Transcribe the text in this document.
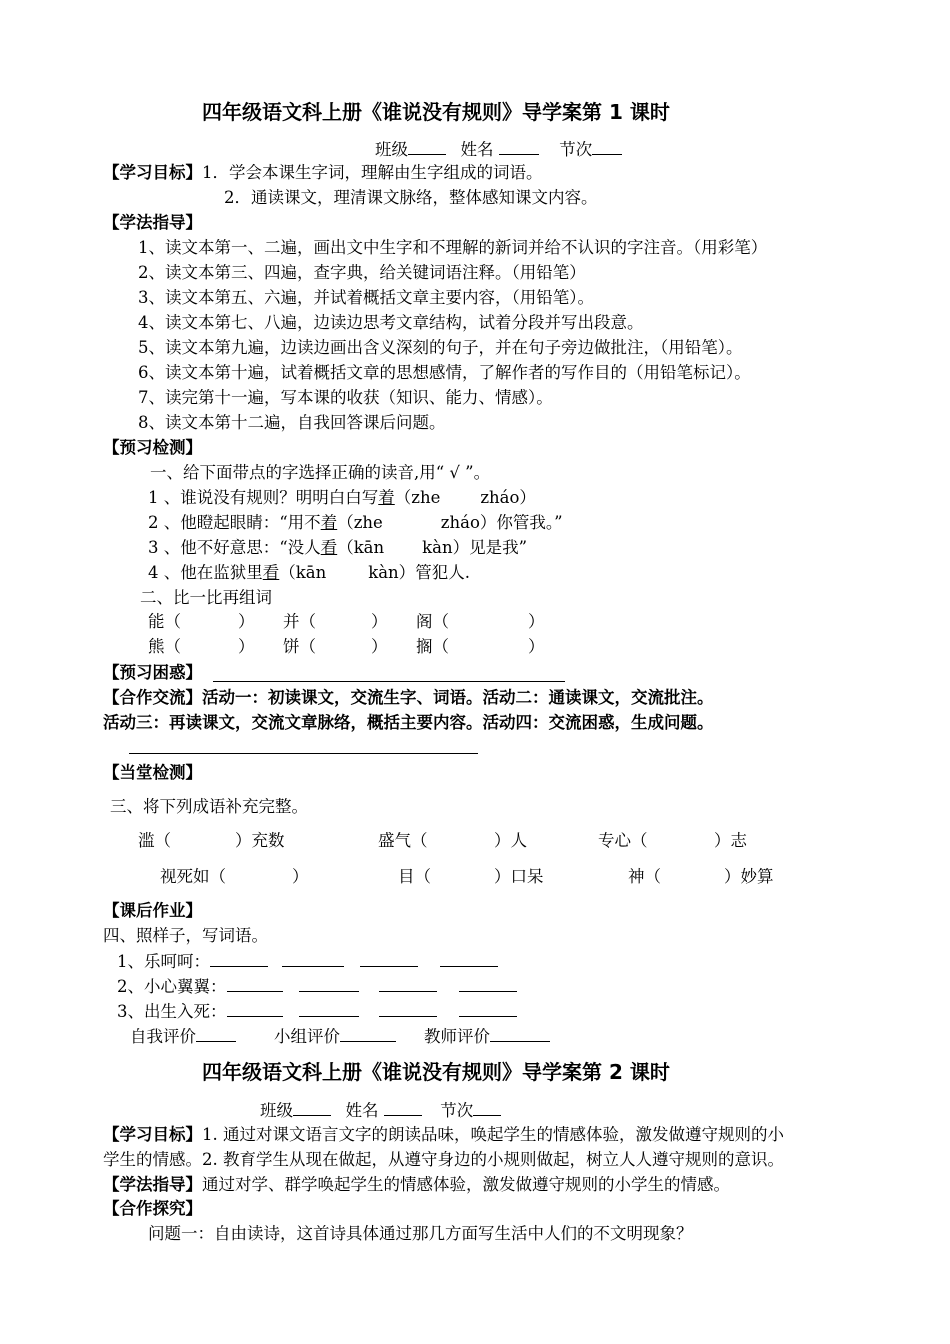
四年级语文科上册《谁说没有规则》导学案第 1 课时
班级	姓名	节次
【学习目标】1．学会本课生字词，理解由生字组成的词语。
2．通读课文，理清课文脉络，整体感知课文内容。
【学法指导】
1、读文本第一、二遍，画出文中生字和不理解的新词并给不认识的字注音。（用彩笔）
2、读文本第三、四遍，查字典，给关键词语注释。（用铅笔）
3、读文本第五、六遍，并试着概括文章主要内容，（用铅笔）。
4、读文本第七、八遍，边读边思考文章结构，试着分段并写出段意。
5、读文本第九遍，边读边画出含义深刻的句子，并在句子旁边做批注，（用铅笔）。
6、读文本第十遍，试着概括文章的思想感情，了解作者的写作目的（用铅笔标记）。
7、读完第十一遍，写本课的收获（知识、能力、情感）。
8、读文本第十二遍，自我回答课后问题。
【预习检测】
一、给下面带点的字选择正确的读音,用“ √ ”。
1 、谁说没有规则？明明白白写着（zhe zháo）
2 、他瞪起眼睛：“用不着（zhe	zháo）你管我。”
3 、他不好意思：“没人看（kān kàn）见是我”
4 、他在监狱里看（kān	kàn）管犯人.
二、比一比再组词
能（	） 并（	） 阁（	）
熊（	） 饼（	） 搁（	）
【预习困惑】
【合作交流】活动一：初读课文，交流生字、词语。活动二：通读课文，交流批注。
活动三：再读课文，交流文章脉络，概括主要内容。活动四：交流困惑，生成问题。
【当堂检测】
三、将下列成语补充完整。
滥（	）充数	盛气（	）人	专心（	）志
视死如（	）	目（	）口呆	神（	）妙算
【课后作业】
四、照样子，写词语。
1、乐呵呵：
2、小心翼翼：
3、出生入死：
自我评价	小组评价	教师评价
四年级语文科上册《谁说没有规则》导学案第 2 课时
班级	姓名	节次
【学习目标】1. 通过对课文语言文字的朗读品味，唤起学生的情感体验，激发做遵守规则的小
学生的情感。2. 教育学生从现在做起，从遵守身边的小规则做起，树立人人遵守规则的意识。
【学法指导】通过对学、群学唤起学生的情感体验，激发做遵守规则的小学生的情感。
【合作探究】
问题一：自由读诗，这首诗具体通过那几方面写生活中人们的不文明现象？
